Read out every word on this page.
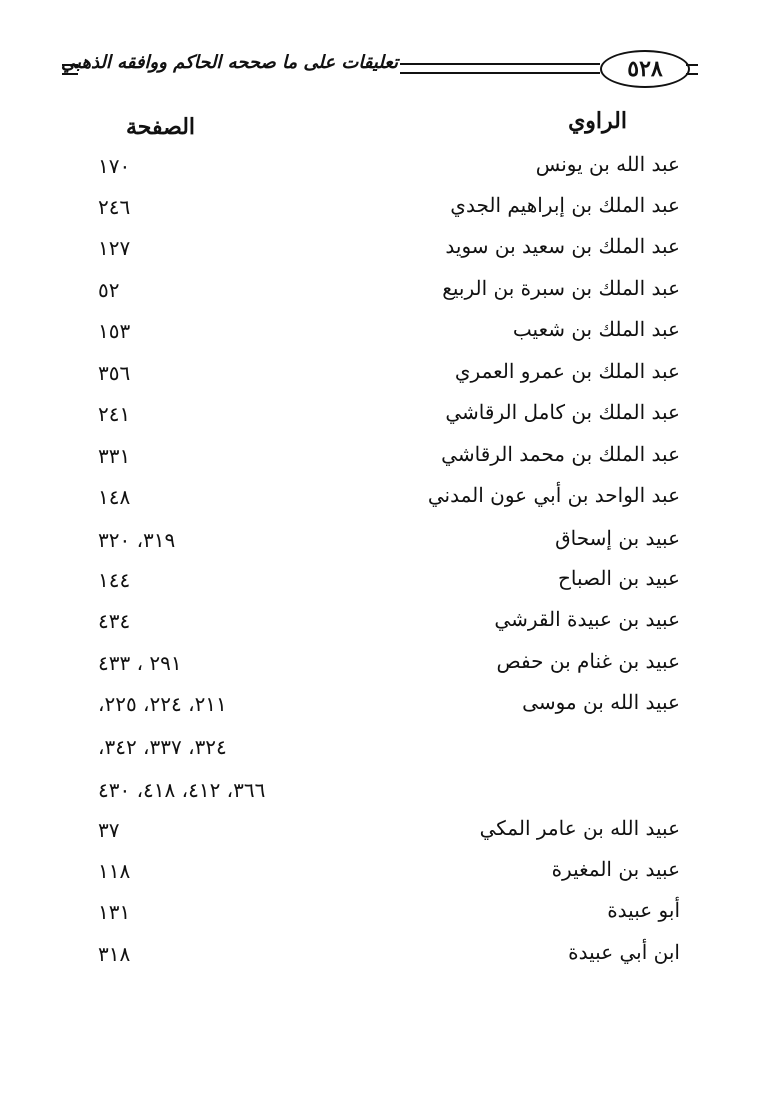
تعليقات على ما صححه الحاكم ووافقه الذهبي	٥٢٨
الراوي
الصفحة
عبد الله بن يونس
١٧٠
عبد الملك بن إبراهيم الجدي
٢٤٦
عبد الملك بن سعيد بن سويد
١٢٧
عبد الملك بن سبرة بن الربيع
٥٢
عبد الملك بن شعيب
١٥٣
عبد الملك بن عمرو العمري
٣٥٦
عبد الملك بن كامل الرقاشي
٢٤١
عبد الملك بن محمد الرقاشي
٣٣١
عبد الواحد بن أبي عون المدني
١٤٨
عبيد بن إسحاق
٣١٩، ٣٢٠
عبيد بن الصباح
١٤٤
عبيد بن عبيدة القرشي
٤٣٤
عبيد بن غنام بن حفص
٢٩١ ، ٤٣٣
عبيد الله بن موسى
٢١١، ٢٢٤، ٢٢٥،
٣٢٤، ٣٣٧، ٣٤٢،
٣٦٦، ٤١٢، ٤١٨، ٤٣٠
عبيد الله بن عامر المكي
٣٧
عبيد بن المغيرة
١١٨
أبو عبيدة
١٣١
ابن أبي عبيدة
٣١٨
